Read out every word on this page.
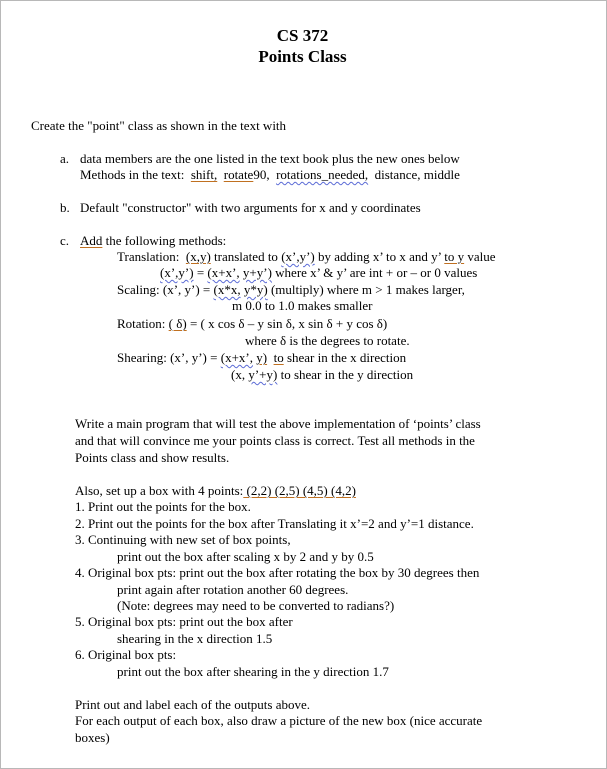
CS 372
Points Class
Create the "point" class as shown in the text with
a. data members are the one listed in the text book plus the new ones below
Methods in the text: shift, rotate90, rotations_needed, distance, middle
b. Default "constructor" with two arguments for x and y coordinates
c. Add the following methods:
Translation: (x,y) translated to (x’,y’) by adding x’ to x and y’ to y value
(x’,y’) = (x+x’, y+y’) where x’ & y’ are int + or – or 0 values
Scaling: (x’, y’) = (x*x, y*y) (multiply) where m > 1 makes larger,
m 0.0 to 1.0 makes smaller
Rotation: ( δ) = ( x cos δ – y sin δ, x sin δ + y cos δ)
where δ is the degrees to rotate.
Shearing: (x’, y’) = (x+x’, y) to shear in the x direction
(x, y’+y) to shear in the y direction
Write a main program that will test the above implementation of ‘points’ class
and that will convince me your points class is correct. Test all methods in the
Points class and show results.
Also, set up a box with 4 points: (2,2) (2,5) (4,5) (4,2)
1. Print out the points for the box.
2. Print out the points for the box after Translating it x’=2 and y’=1 distance.
3. Continuing with new set of box points,
print out the box after scaling x by 2 and y by 0.5
4. Original box pts: print out the box after rotating the box by 30 degrees then
print again after rotation another 60 degrees.
(Note: degrees may need to be converted to radians?)
5. Original box pts: print out the box after
shearing in the x direction 1.5
6. Original box pts:
print out the box after shearing in the y direction 1.7
Print out and label each of the outputs above.
For each output of each box, also draw a picture of the new box (nice accurate
boxes)
